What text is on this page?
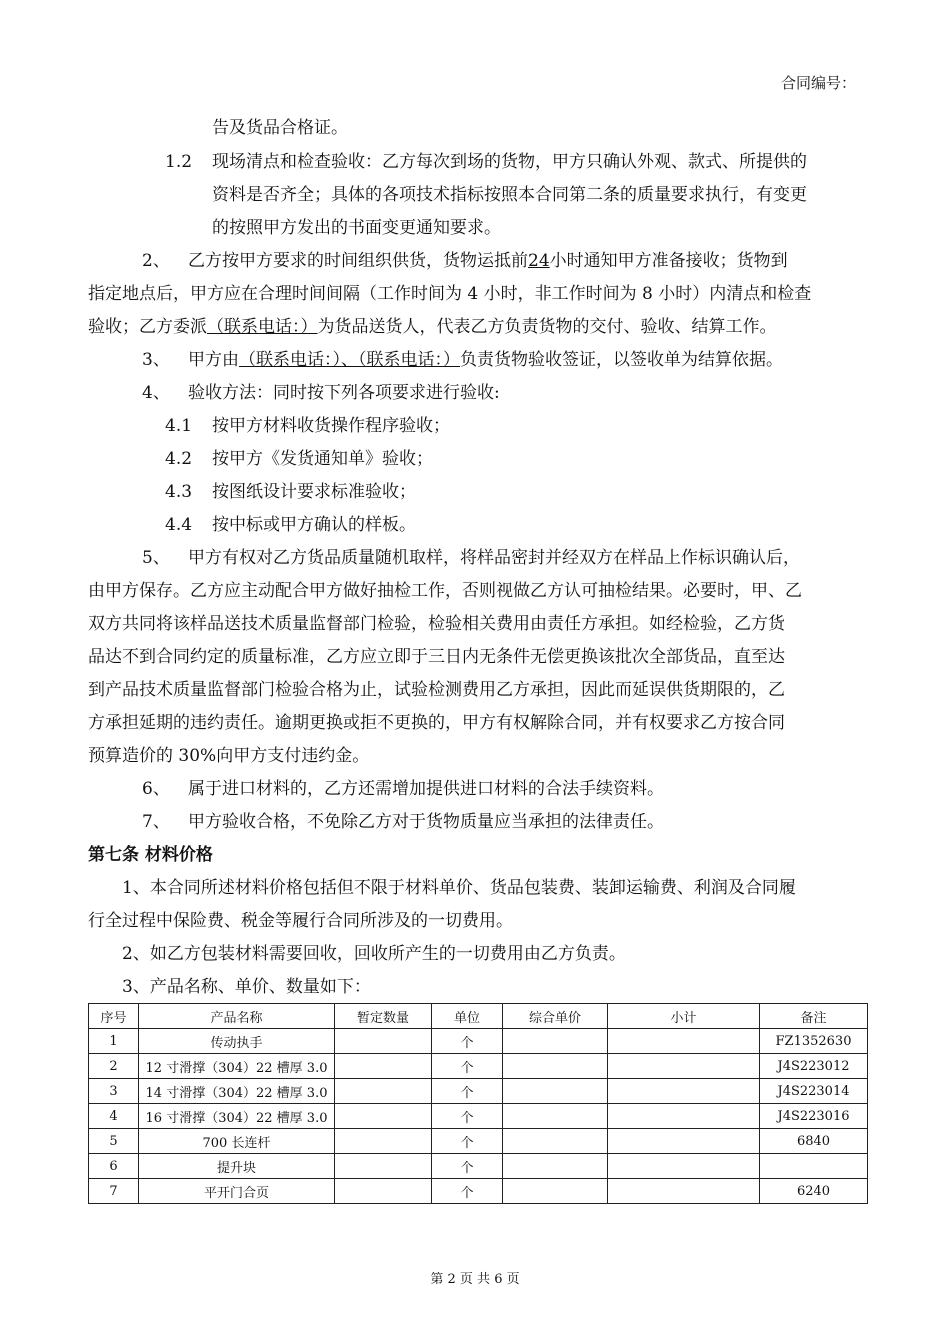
合同编号：
告及货品合格证。
1.2 现场清点和检查验收：乙方每次到场的货物，甲方只确认外观、款式、所提供的
资料是否齐全；具体的各项技术指标按照本合同第二条的质量要求执行，有变更
的按照甲方发出的书面变更通知要求。
2、 乙方按甲方要求的时间组织供货，货物运抵前24小时通知甲方准备接收；货物到
指定地点后，甲方应在合理时间间隔（工作时间为 4 小时，非工作时间为 8 小时）内清点和检查
验收；乙方委派（联系电话：）为货品送货人，代表乙方负责货物的交付、验收、结算工作。
3、 甲方由（联系电话：）、（联系电话：）负责货物验收签证，以签收单为结算依据。
4、 验收方法：同时按下列各项要求进行验收:
4.1 按甲方材料收货操作程序验收；
4.2 按甲方《发货通知单》验收；
4.3 按图纸设计要求标准验收；
4.4 按中标或甲方确认的样板。
5、 甲方有权对乙方货品质量随机取样，将样品密封并经双方在样品上作标识确认后，
由甲方保存。乙方应主动配合甲方做好抽检工作，否则视做乙方认可抽检结果。必要时，甲、乙
双方共同将该样品送技术质量监督部门检验，检验相关费用由责任方承担。如经检验，乙方货
品达不到合同约定的质量标准，乙方应立即于三日内无条件无偿更换该批次全部货品，直至达
到产品技术质量监督部门检验合格为止，试验检测费用乙方承担，因此而延误供货期限的，乙
方承担延期的违约责任。逾期更换或拒不更换的，甲方有权解除合同，并有权要求乙方按合同
预算造价的 30%向甲方支付违约金。
6、 属于进口材料的，乙方还需增加提供进口材料的合法手续资料。
7、 甲方验收合格，不免除乙方对于货物质量应当承担的法律责任。
第七条 材料价格
1、本合同所述材料价格包括但不限于材料单价、货品包装费、装卸运输费、利润及合同履
行全过程中保险费、税金等履行合同所涉及的一切费用。
2、如乙方包装材料需要回收，回收所产生的一切费用由乙方负责。
3、产品名称、单价、数量如下：
序号	产品名称	暂定数量	单位	综合单价	小计	备注
1	传动执手		个			FZ1352630
2	12 寸滑撑（304）22 槽厚 3.0		个			J4S223012
3	14 寸滑撑（304）22 槽厚 3.0		个			J4S223014
4	16 寸滑撑（304）22 槽厚 3.0		个			J4S223016
5	700 长连杆		个			6840
6	提升块		个			
7	平开门合页		个			6240
第 2 页 共 6 页
